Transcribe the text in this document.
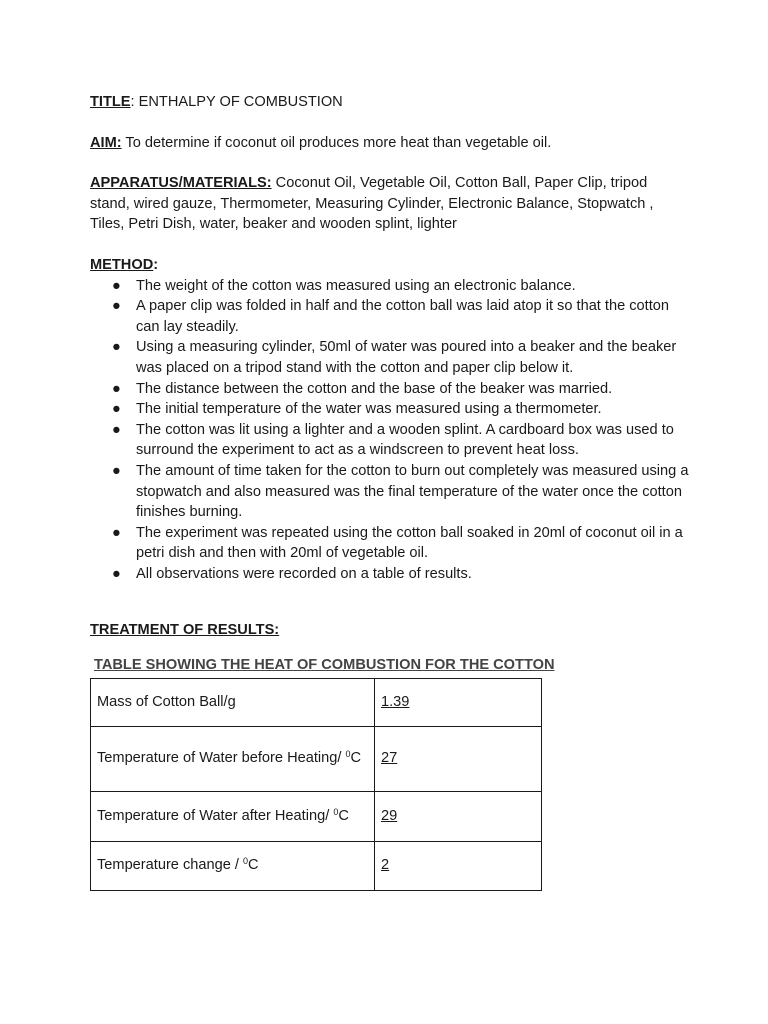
TITLE: ENTHALPY OF COMBUSTION

AIM: To determine if coconut oil produces more heat than vegetable oil.

APPARATUS/MATERIALS: Coconut Oil, Vegetable Oil, Cotton Ball, Paper Clip, tripod stand, wired gauze, Thermometer, Measuring Cylinder, Electronic Balance, Stopwatch , Tiles, Petri Dish, water, beaker and wooden splint, lighter

METHOD:

●	The weight of the cotton was measured using an electronic balance.
●	A paper clip was folded in half and the cotton ball was laid atop it so that the cotton can lay steadily.
●	Using a measuring cylinder, 50ml of water was poured into a beaker and the beaker was placed on a tripod stand with the cotton and paper clip below it.
●	The distance between the cotton and the base of the beaker was married.
●	The initial temperature of the water was measured using a thermometer.
●	The cotton was lit using a lighter and a wooden splint. A cardboard box was used to surround the experiment to act as a windscreen to prevent heat loss.
●	The amount of time taken for the cotton to burn out completely was measured using a stopwatch and also measured was the final temperature of the water once the cotton finishes burning.
●	The experiment was repeated using the cotton ball soaked in 20ml of coconut oil in a petri dish and then with 20ml of vegetable oil.
●	All observations were recorded on a table of results.

TREATMENT OF RESULTS:

TABLE SHOWING THE HEAT OF COMBUSTION FOR THE COTTON

Mass of Cotton Ball/g	1.39
Temperature of Water before Heating/ $^0$C	27
Temperature of Water after Heating/ $^0$C	29
Temperature change / $^0$C	2
